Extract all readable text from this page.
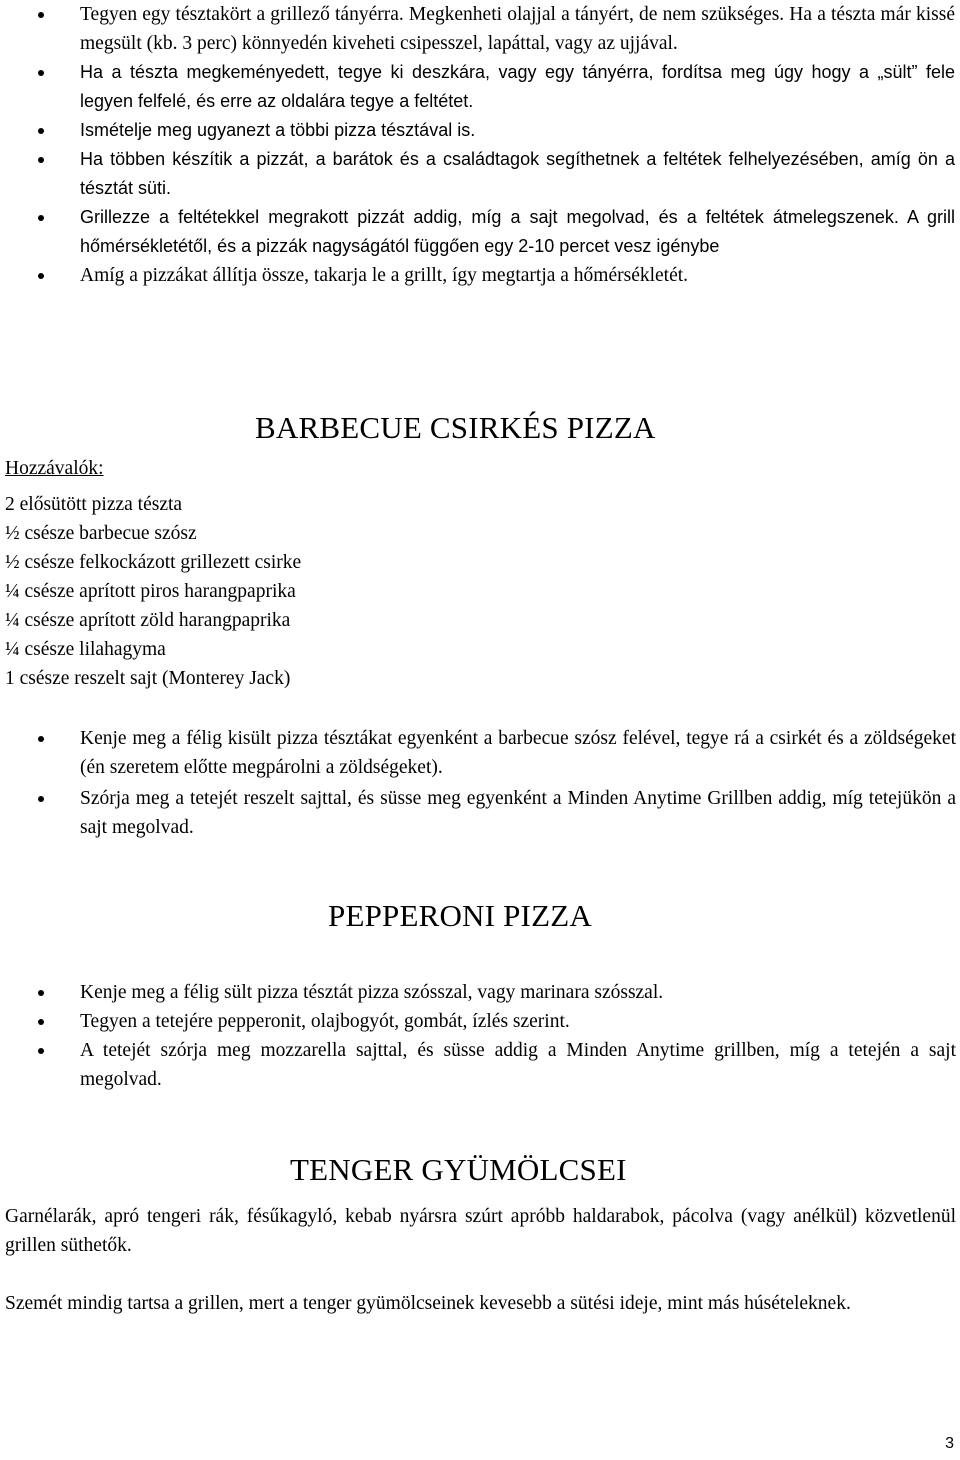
Tegyen egy tésztakört a grillező tányérra. Megkenheti olajjal a tányért, de nem szükséges. Ha a tészta már kissé megsült (kb. 3 perc) könnyedén kiveheti csipesszel, lapáttal, vagy az ujjával.
Ha a tészta megkeményedett, tegye ki deszkára, vagy egy tányérra, fordítsa meg úgy hogy a „sült” fele legyen felfelé, és erre az oldalára tegye a feltétet.
Ismételje meg ugyanezt a többi pizza tésztával is.
Ha többen készítik a pizzát, a barátok és a családtagok segíthetnek a feltétek felhelyezésében, amíg ön a tésztát süti.
Grillezze a feltétekkel megrakott pizzát addig, míg a sajt megolvad, és a feltétek átmelegszenek. A grill hőmérsékletétől, és a pizzák nagyságától függően egy 2-10 percet vesz igénybe
Amíg a pizzákat állítja össze, takarja le a grillt, így megtartja a hőmérsékletét.
BARBECUE CSIRKÉS PIZZA
Hozzávalók:
2 elősütött pizza tészta
½ csésze barbecue szósz
½ csésze felkockázott grillezett csirke
¼ csésze aprított piros harangpaprika
¼ csésze aprított zöld harangpaprika
¼ csésze lilahagyma
1 csésze reszelt sajt (Monterey Jack)
Kenje meg a félig kisült pizza tésztákat egyenként a barbecue szósz felével, tegye rá a csirkét és a zöldségeket (én szeretem előtte megpárolni a zöldségeket).
Szórja meg a tetejét reszelt sajttal, és süsse meg egyenként a Minden Anytime Grillben addig, míg tetejükön a sajt megolvad.
PEPPERONI PIZZA
Kenje meg a félig sült pizza tésztát pizza szósszal, vagy marinara szósszal.
Tegyen a tetejére pepperonit, olajbogyót, gombát, ízlés szerint.
A tetejét szórja meg mozzarella sajttal, és süsse addig a Minden Anytime grillben, míg a tetején a sajt megolvad.
TENGER GYÜMÖLCSEI

Garnélarák, apró tengeri rák, fésűkagyló, kebab nyársra szúrt apróbb haldarabok, pácolva (vagy anélkül) közvetlenül grillen süthetők.

Szemét mindig tartsa a grillen, mert a tenger gyümölcseinek kevesebb a sütési ideje, mint más húsételeknek.

3
